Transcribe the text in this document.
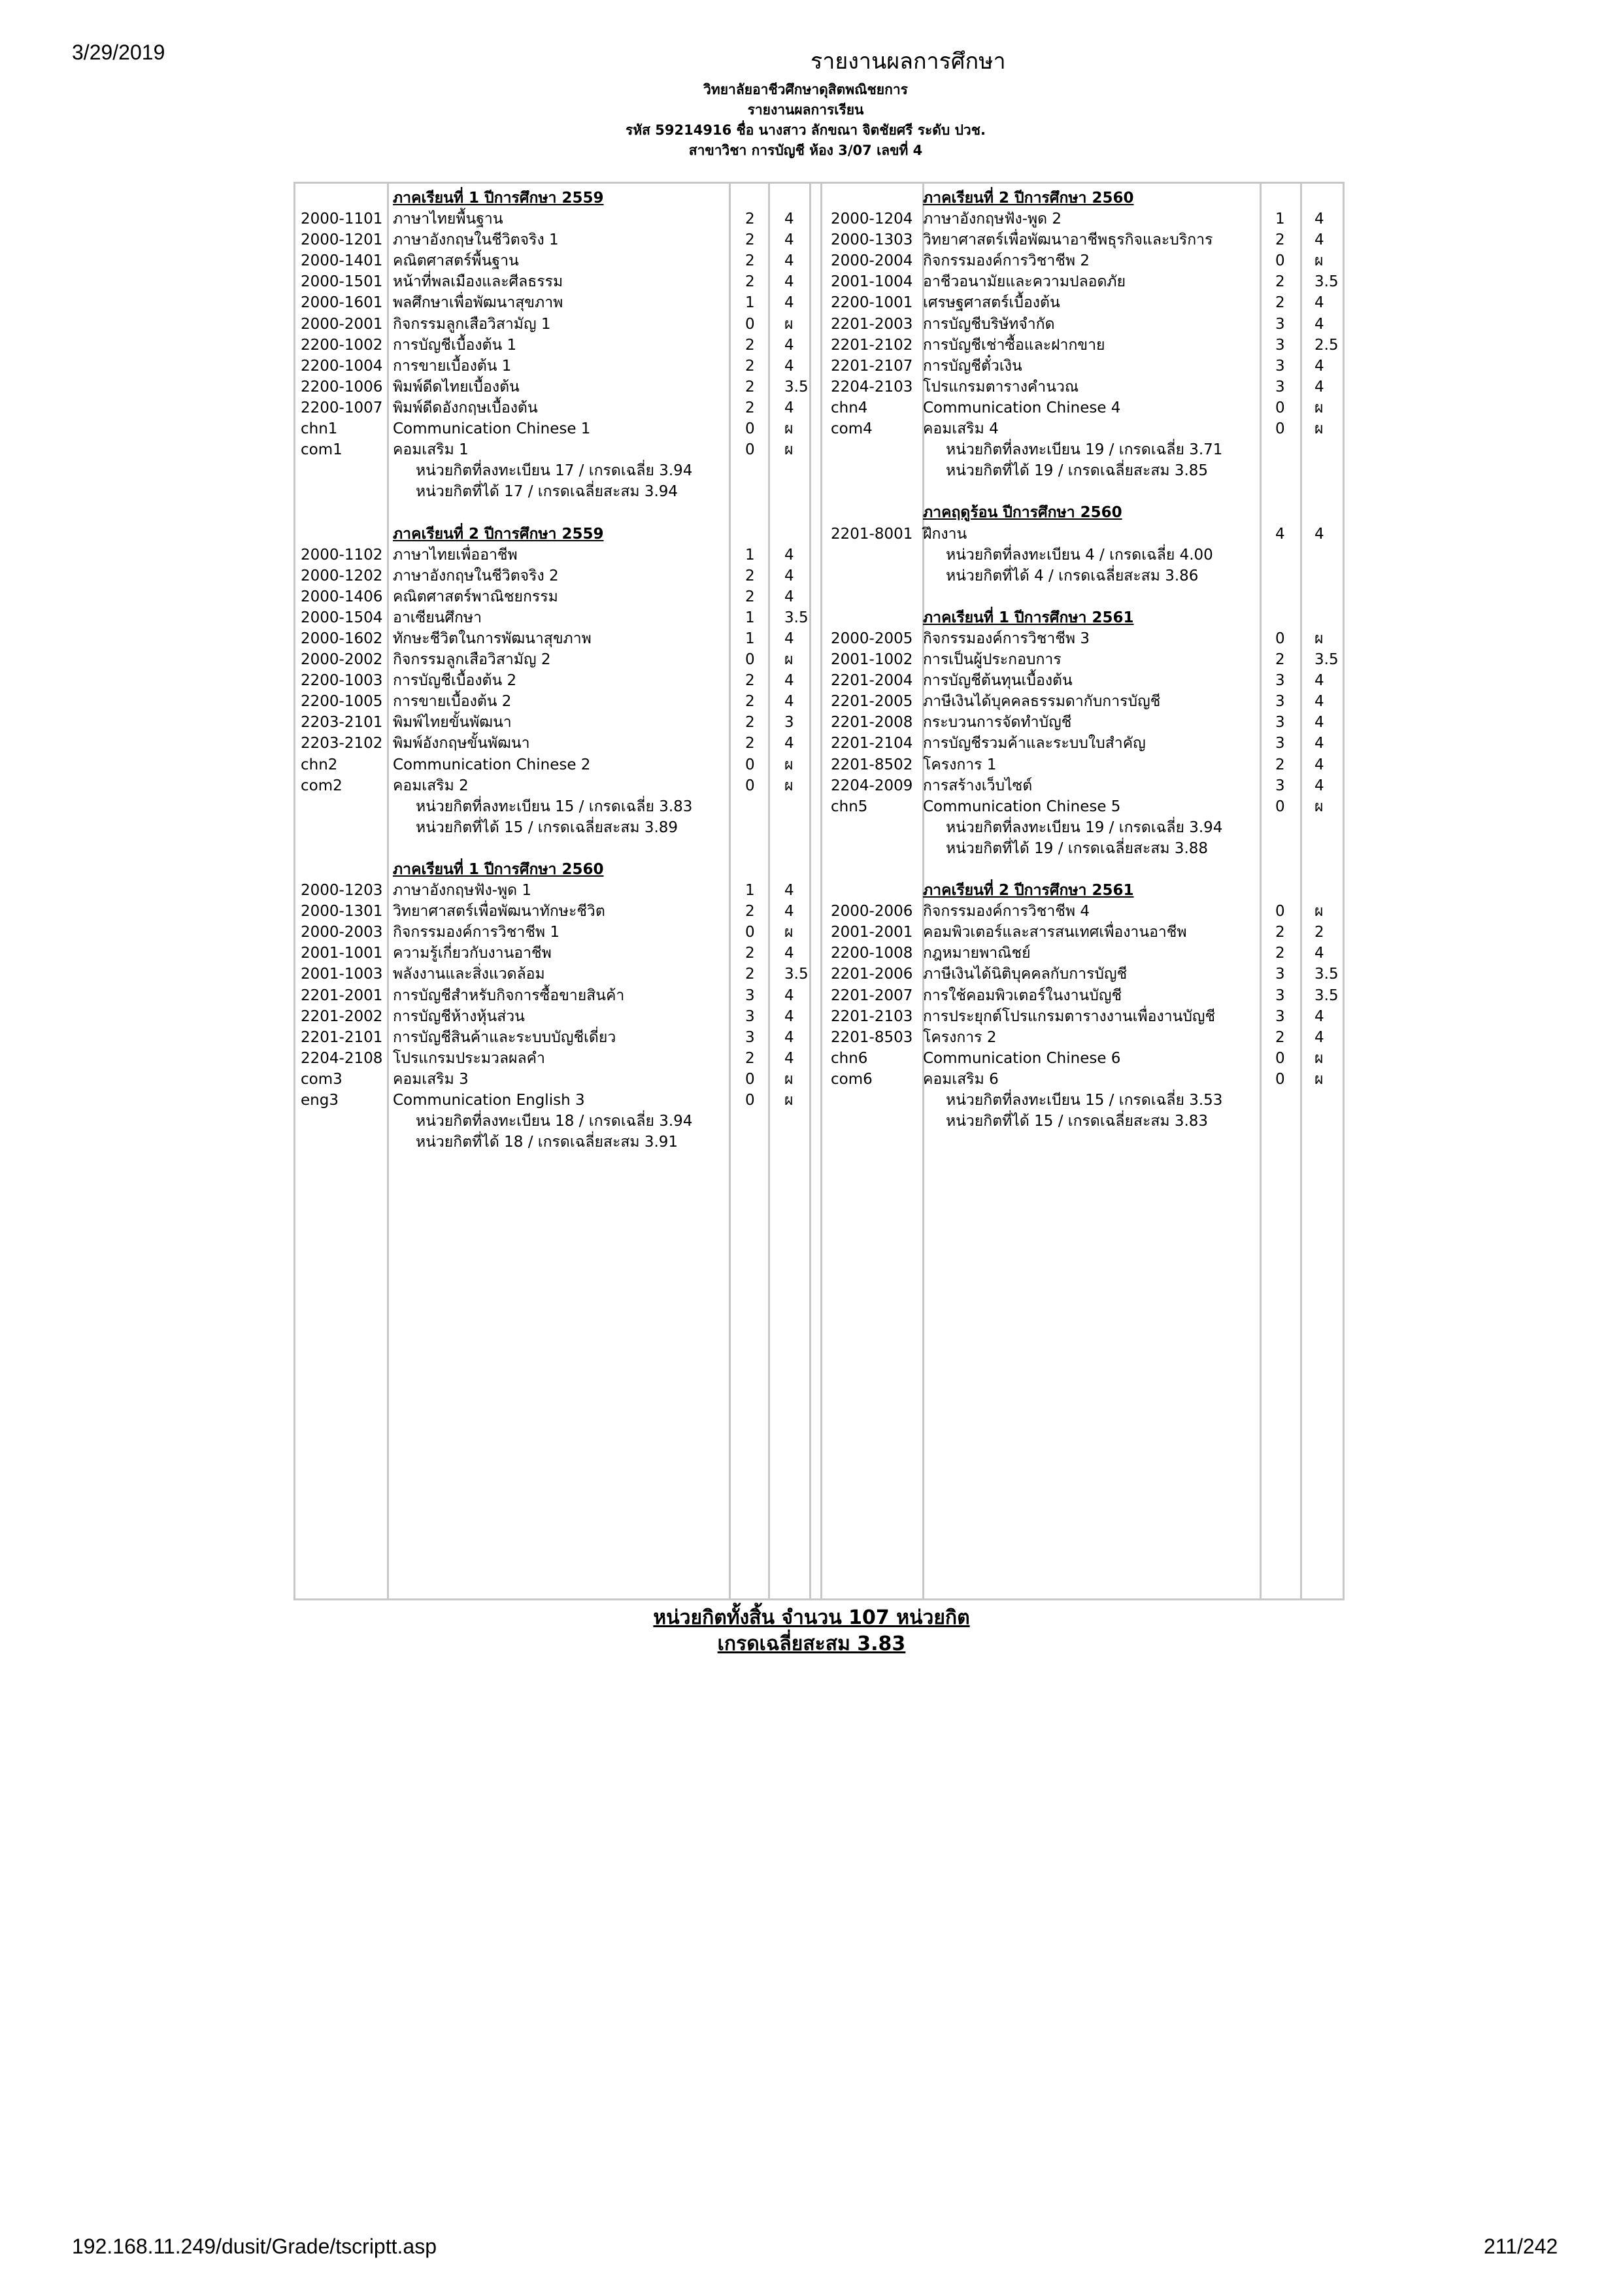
3/29/2019	รายงานผลการศึกษา
วิทยาลัยอาชีวศึกษาดุสิตพณิชยการ
รายงานผลการเรียน
รหัส 59214916 ชื่อ นางสาว ลักขณา จิตชัยศรี ระดับ ปวช.
สาขาวิชา การบัญชี ห้อง 3/07 เลขที่ 4
ภาคเรียนที่ 1 ปีการศึกษา 2559
2000-1101 ภาษาไทยพื้นฐาน	2 4
2000-1201 ภาษาอังกฤษในชีวิตจริง 1	2 4
2000-1401 คณิตศาสตร์พื้นฐาน	2 4
2000-1501 หน้าที่พลเมืองและศีลธรรม	2 4
2000-1601 พลศึกษาเพื่อพัฒนาสุขภาพ	1 4
2000-2001 กิจกรรมลูกเสือวิสามัญ 1	0 ผ
2200-1002 การบัญชีเบื้องต้น 1	2 4
2200-1004 การขายเบื้องต้น 1	2 4
2200-1006 พิมพ์ดีดไทยเบื้องต้น	2 3.5
2200-1007 พิมพ์ดีดอังกฤษเบื้องต้น	2 4
chn1	Communication Chinese 1	0 ผ
com1	คอมเสริม 1	0 ผ
หน่วยกิตที่ลงทะเบียน 17 / เกรดเฉลี่ย 3.94
หน่วยกิตที่ได้ 17 / เกรดเฉลี่ยสะสม 3.94
ภาคเรียนที่ 2 ปีการศึกษา 2559
2000-1102 ภาษาไทยเพื่ออาชีพ	1 4
2000-1202 ภาษาอังกฤษในชีวิตจริง 2	2 4
2000-1406 คณิตศาสตร์พาณิชยกรรม	2 4
2000-1504 อาเซียนศึกษา	1 3.5
2000-1602 ทักษะชีวิตในการพัฒนาสุขภาพ	1 4
2000-2002 กิจกรรมลูกเสือวิสามัญ 2	0 ผ
2200-1003 การบัญชีเบื้องต้น 2	2 4
2200-1005 การขายเบื้องต้น 2	2 4
2203-2101 พิมพ์ไทยขั้นพัฒนา	2 3
2203-2102 พิมพ์อังกฤษขั้นพัฒนา	2 4
chn2	Communication Chinese 2	0 ผ
com2	คอมเสริม 2	0 ผ
หน่วยกิตที่ลงทะเบียน 15 / เกรดเฉลี่ย 3.83
หน่วยกิตที่ได้ 15 / เกรดเฉลี่ยสะสม 3.89
ภาคเรียนที่ 1 ปีการศึกษา 2560
2000-1203 ภาษาอังกฤษฟัง-พูด 1	1 4
2000-1301 วิทยาศาสตร์เพื่อพัฒนาทักษะชีวิต	2 4
2000-2003 กิจกรรมองค์การวิชาชีพ 1	0 ผ
2001-1001 ความรู้เกี่ยวกับงานอาชีพ	2 4
2001-1003 พลังงานและสิ่งแวดล้อม	2 3.5
2201-2001 การบัญชีสำหรับกิจการซื้อขายสินค้า	3 4
2201-2002 การบัญชีห้างหุ้นส่วน	3 4
2201-2101 การบัญชีสินค้าและระบบบัญชีเดี่ยว	3 4
2204-2108 โปรแกรมประมวลผลคำ	2 4
com3	คอมเสริม 3	0 ผ
eng3	Communication English 3	0 ผ
หน่วยกิตที่ลงทะเบียน 18 / เกรดเฉลี่ย 3.94
หน่วยกิตที่ได้ 18 / เกรดเฉลี่ยสะสม 3.91
ภาคเรียนที่ 2 ปีการศึกษา 2560
2000-1204 ภาษาอังกฤษฟัง-พูด 2	1 4
2000-1303 วิทยาศาสตร์เพื่อพัฒนาอาชีพธุรกิจและบริการ	2 4
2000-2004 กิจกรรมองค์การวิชาชีพ 2	0 ผ
2001-1004 อาชีวอนามัยและความปลอดภัย	2 3.5
2200-1001 เศรษฐศาสตร์เบื้องต้น	2 4
2201-2003 การบัญชีบริษัทจำกัด	3 4
2201-2102 การบัญชีเช่าซื้อและฝากขาย	3 2.5
2201-2107 การบัญชีตั๋วเงิน	3 4
2204-2103 โปรแกรมตารางคำนวณ	3 4
chn4	Communication Chinese 4	0 ผ
com4	คอมเสริม 4	0 ผ
หน่วยกิตที่ลงทะเบียน 19 / เกรดเฉลี่ย 3.71
หน่วยกิตที่ได้ 19 / เกรดเฉลี่ยสะสม 3.85
ภาคฤดูร้อน ปีการศึกษา 2560
2201-8001 ฝึกงาน	4 4
หน่วยกิตที่ลงทะเบียน 4 / เกรดเฉลี่ย 4.00
หน่วยกิตที่ได้ 4 / เกรดเฉลี่ยสะสม 3.86
ภาคเรียนที่ 1 ปีการศึกษา 2561
2000-2005 กิจกรรมองค์การวิชาชีพ 3	0 ผ
2001-1002 การเป็นผู้ประกอบการ	2 3.5
2201-2004 การบัญชีต้นทุนเบื้องต้น	3 4
2201-2005 ภาษีเงินได้บุคคลธรรมดากับการบัญชี	3 4
2201-2008 กระบวนการจัดทำบัญชี	3 4
2201-2104 การบัญชีรวมค้าและระบบใบสำคัญ	3 4
2201-8502 โครงการ 1	2 4
2204-2009 การสร้างเว็บไซต์	3 4
chn5	Communication Chinese 5	0 ผ
หน่วยกิตที่ลงทะเบียน 19 / เกรดเฉลี่ย 3.94
หน่วยกิตที่ได้ 19 / เกรดเฉลี่ยสะสม 3.88
ภาคเรียนที่ 2 ปีการศึกษา 2561
2000-2006 กิจกรรมองค์การวิชาชีพ 4	0 ผ
2001-2001 คอมพิวเตอร์และสารสนเทศเพื่องานอาชีพ	2 2
2200-1008 กฎหมายพาณิชย์	2 4
2201-2006 ภาษีเงินได้นิติบุคคลกับการบัญชี	3 3.5
2201-2007 การใช้คอมพิวเตอร์ในงานบัญชี	3 3.5
2201-2103 การประยุกต์โปรแกรมตารางงานเพื่องานบัญชี	3 4
2201-8503 โครงการ 2	2 4
chn6	Communication Chinese 6	0 ผ
com6	คอมเสริม 6	0 ผ
หน่วยกิตที่ลงทะเบียน 15 / เกรดเฉลี่ย 3.53
หน่วยกิตที่ได้ 15 / เกรดเฉลี่ยสะสม 3.83
หน่วยกิตทั้งสิ้น จำนวน 107 หน่วยกิต
เกรดเฉลี่ยสะสม 3.83
192.168.11.249/dusit/Grade/tscriptt.asp	211/242
